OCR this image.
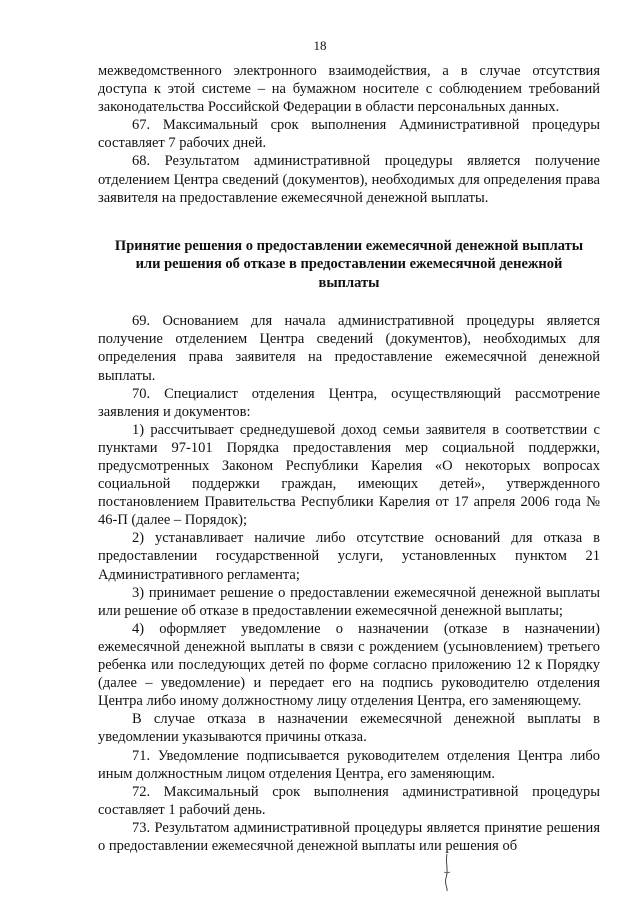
18

межведомственного электронного взаимодействия, а в случае отсутствия доступа к этой системе – на бумажном носителе с соблюдением требований законодательства Российской Федерации в области персональных данных.

67. Максимальный срок выполнения Административной процедуры составляет 7 рабочих дней.

68. Результатом административной процедуры является получение отделением Центра сведений (документов), необходимых для определения права заявителя на предоставление ежемесячной денежной выплаты.

Принятие решения о предоставлении ежемесячной денежной выплаты или решения об отказе в предоставлении ежемесячной денежной выплаты

69. Основанием для начала административной процедуры является получение отделением Центра сведений (документов), необходимых для определения права заявителя на предоставление ежемесячной денежной выплаты.

70. Специалист отделения Центра, осуществляющий рассмотрение заявления и документов:

1) рассчитывает среднедушевой доход семьи заявителя в соответствии с пунктами 97-101 Порядка предоставления мер социальной поддержки, предусмотренных Законом Республики Карелия «О некоторых вопросах социальной поддержки граждан, имеющих детей», утвержденного постановлением Правительства Республики Карелия от 17 апреля 2006 года № 46-П (далее – Порядок);

2) устанавливает наличие либо отсутствие оснований для отказа в предоставлении государственной услуги, установленных пунктом 21 Административного регламента;

3) принимает решение о предоставлении ежемесячной денежной выплаты или решение об отказе в предоставлении ежемесячной денежной выплаты;

4) оформляет уведомление о назначении (отказе в назначении) ежемесячной денежной выплаты в связи с рождением (усыновлением) третьего ребенка или последующих детей по форме согласно приложению 12 к Порядку (далее – уведомление) и передает его на подпись руководителю отделения Центра либо иному должностному лицу отделения Центра, его заменяющему.

В случае отказа в назначении ежемесячной денежной выплаты в уведомлении указываются причины отказа.

71. Уведомление подписывается руководителем отделения Центра либо иным должностным лицом отделения Центра, его заменяющим.

72. Максимальный срок выполнения административной процедуры составляет 1 рабочий день.

73. Результатом административной процедуры является принятие решения о предоставлении ежемесячной денежной выплаты или решения об
